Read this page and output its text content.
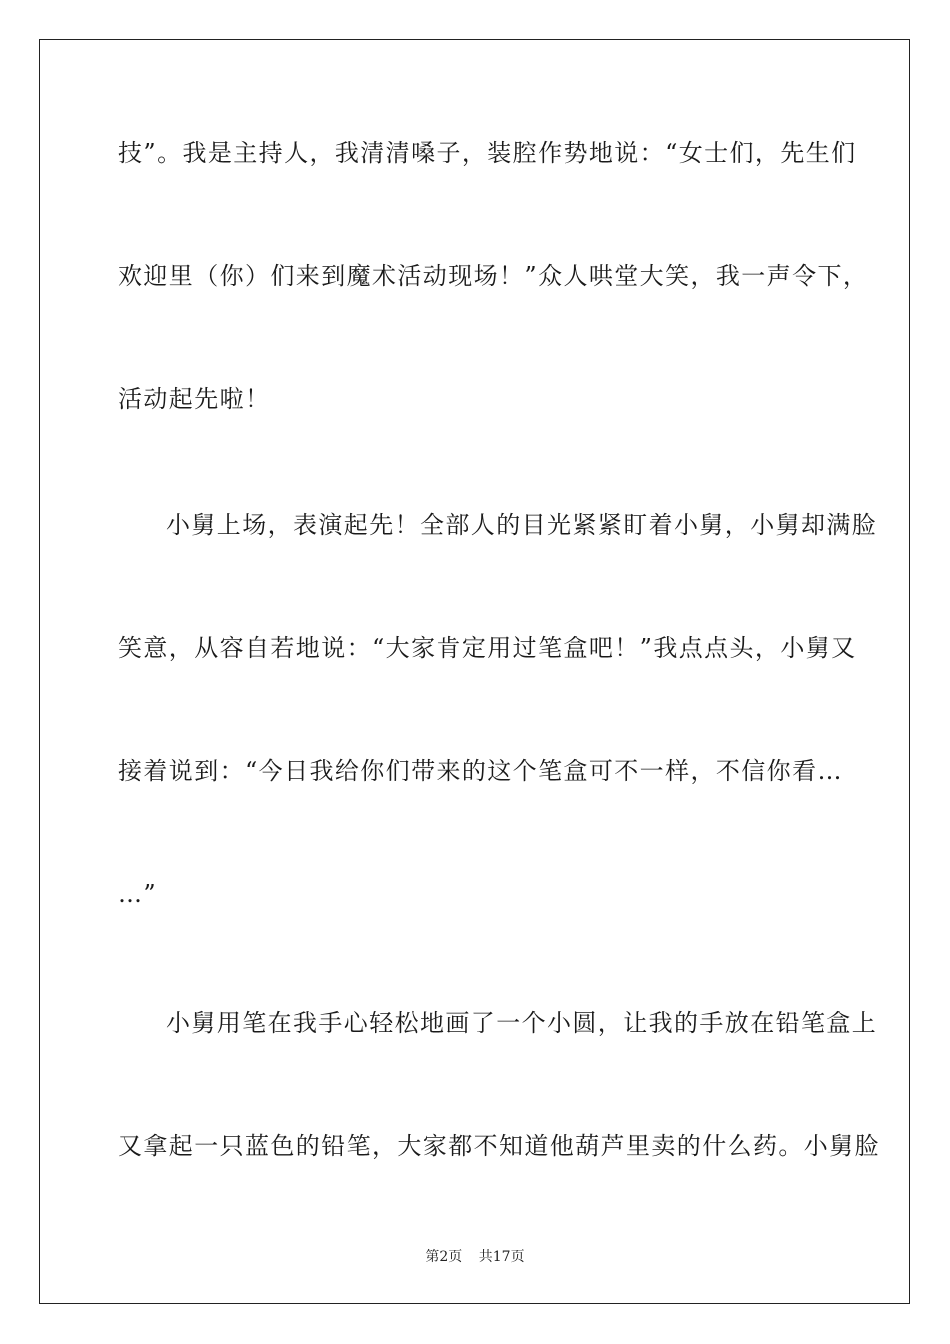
技”。我是主持人，我清清嗓子，装腔作势地说：“女士们，先生们
欢迎里（你）们来到魔术活动现场！”众人哄堂大笑，我一声令下，
活动起先啦！
小舅上场，表演起先！全部人的目光紧紧盯着小舅，小舅却满脸
笑意，从容自若地说：“大家肯定用过笔盒吧！”我点点头，小舅又
接着说到：“今日我给你们带来的这个笔盒可不一样，不信你看…
…”
小舅用笔在我手心轻松地画了一个小圆，让我的手放在铅笔盒上
又拿起一只蓝色的铅笔，大家都不知道他葫芦里卖的什么药。小舅脸
第2页 共17页
